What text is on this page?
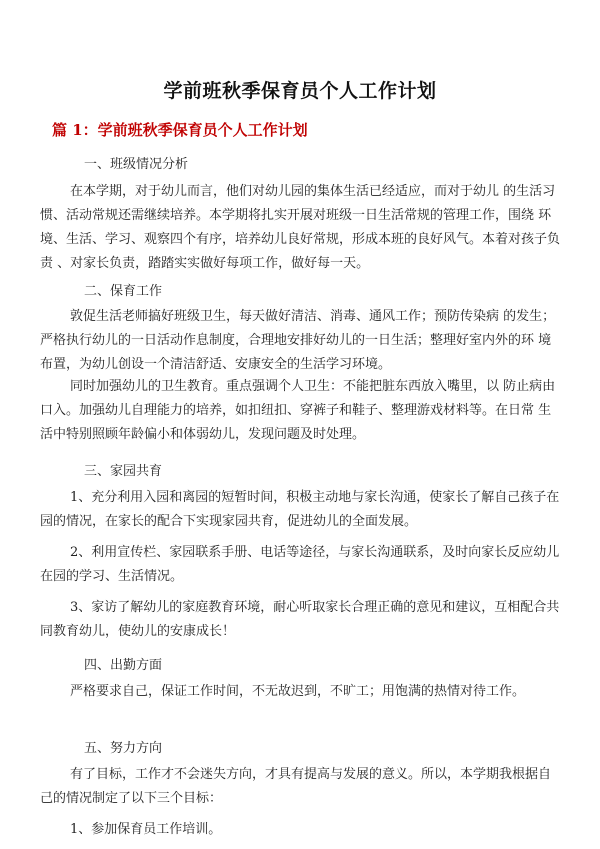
学前班秋季保育员个人工作计划
篇 1：学前班秋季保育员个人工作计划
一、班级情况分析
在本学期，对于幼儿而言，他们对幼儿园的集体生活已经适应，而对于幼儿 的生活习惯、活动常规还需继续培养。本学期将扎实开展对班级一日生活常规的管理工作，围绕 环境、生活、学习、观察四个有序，培养幼儿良好常规，形成本班的良好风气。本着对孩子负责 、对家长负责，踏踏实实做好每项工作，做好每一天。
二、保育工作
敦促生活老师搞好班级卫生，每天做好清洁、消毒、通风工作；预防传染病 的发生；严格执行幼儿的一日活动作息制度，合理地安排好幼儿的一日生活；整理好室内外的环 境布置，为幼儿创设一个清洁舒适、安康安全的生活学习环境。
同时加强幼儿的卫生教育。重点强调个人卫生：不能把脏东西放入嘴里，以 防止病由口入。加强幼儿自理能力的培养，如扣纽扣、穿裤子和鞋子、整理游戏材料等。在日常 生活中特别照顾年龄偏小和体弱幼儿，发现问题及时处理。
三、家园共育
1、充分利用入园和离园的短暂时间，积极主动地与家长沟通，使家长了解自己孩子在园的情况，在家长的配合下实现家园共育，促进幼儿的全面发展。
2、利用宣传栏、家园联系手册、电话等途径，与家长沟通联系，及时向家长反应幼儿在园的学习、生活情况。
3、家访了解幼儿的家庭教育环境，耐心听取家长合理正确的意见和建议，互相配合共同教育幼儿，使幼儿的安康成长！
四、出勤方面
严格要求自己，保证工作时间，不无故迟到，不旷工；用饱满的热情对待工作。
五、努力方向
有了目标，工作才不会迷失方向，才具有提高与发展的意义。所以，本学期我根据自己的情况制定了以下三个目标：
1、参加保育员工作培训。
